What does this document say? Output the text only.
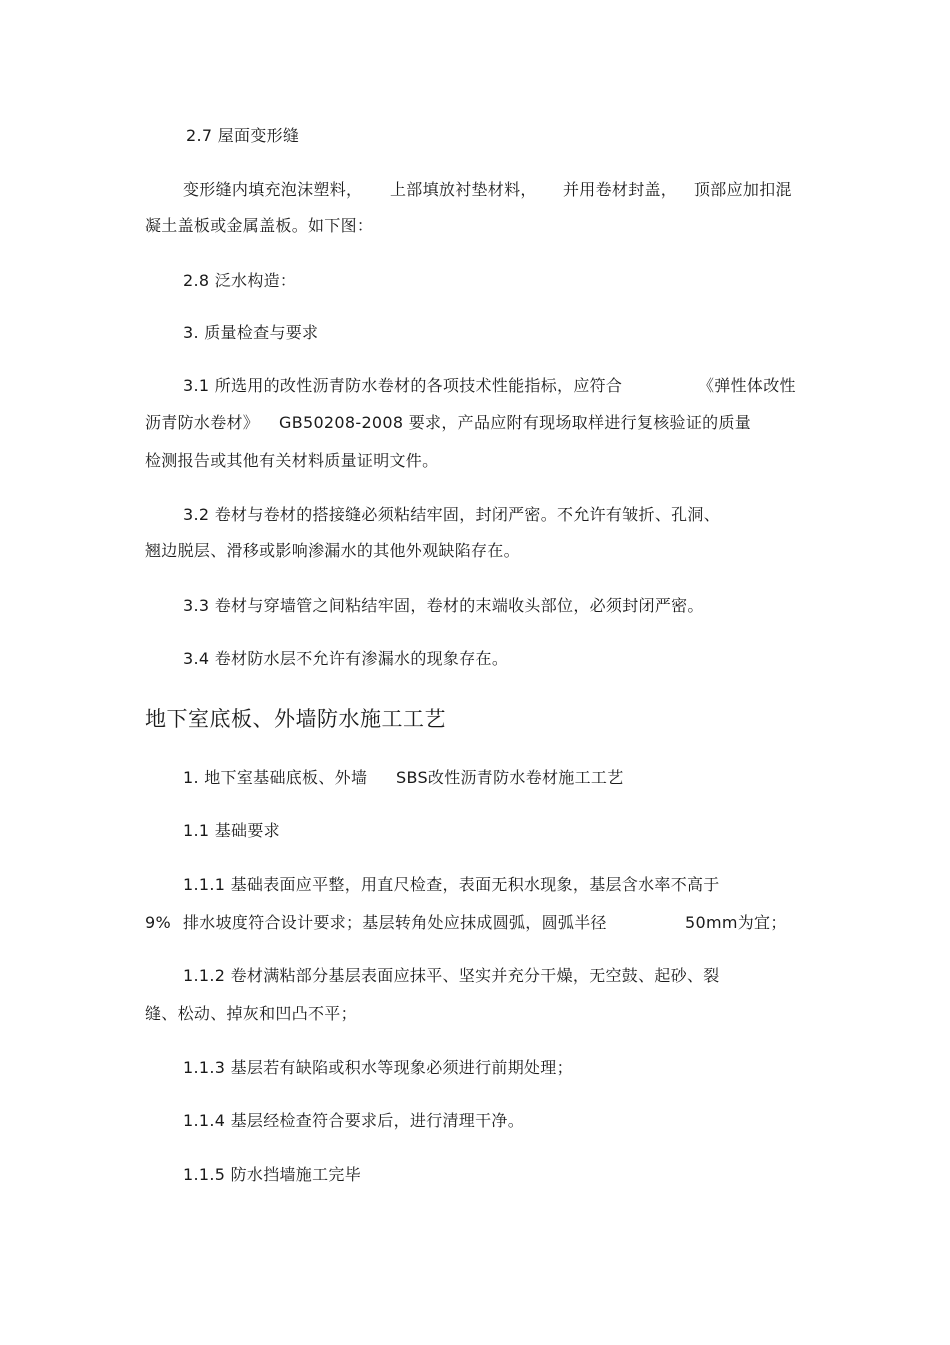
2.7 屋面变形缝
变形缝内填充泡沫塑料， 上部填放衬垫材料， 并用卷材封盖， 顶部应加扣混
凝土盖板或金属盖板。如下图：
2.8 泛水构造：
3. 质量检查与要求
3.1 所选用的改性沥青防水卷材的各项技术性能指标，应符合	《弹性体改性
沥青防水卷材》 GB50208-2008 要求，产品应附有现场取样进行复核验证的质量
检测报告或其他有关材料质量证明文件。
3.2 卷材与卷材的搭接缝必须粘结牢固，封闭严密。不允许有皱折、孔洞、
翘边脱层、滑移或影响渗漏水的其他外观缺陷存在。
3.3 卷材与穿墙管之间粘结牢固，卷材的末端收头部位，必须封闭严密。
3.4 卷材防水层不允许有渗漏水的现象存在。
地下室底板、外墙防水施工工艺
1. 地下室基础底板、外墙 SBS改性沥青防水卷材施工工艺
1.1 基础要求
1.1.1 基础表面应平整，用直尺检查，表面无积水现象，基层含水率不高于
9% 排水坡度符合设计要求；基层转角处应抹成圆弧，圆弧半径	50mm为宜；
1.1.2 卷材满粘部分基层表面应抹平、坚实并充分干燥，无空鼓、起砂、裂
缝、松动、掉灰和凹凸不平；
1.1.3 基层若有缺陷或积水等现象必须进行前期处理；
1.1.4 基层经检查符合要求后，进行清理干净。
1.1.5 防水挡墙施工完毕
